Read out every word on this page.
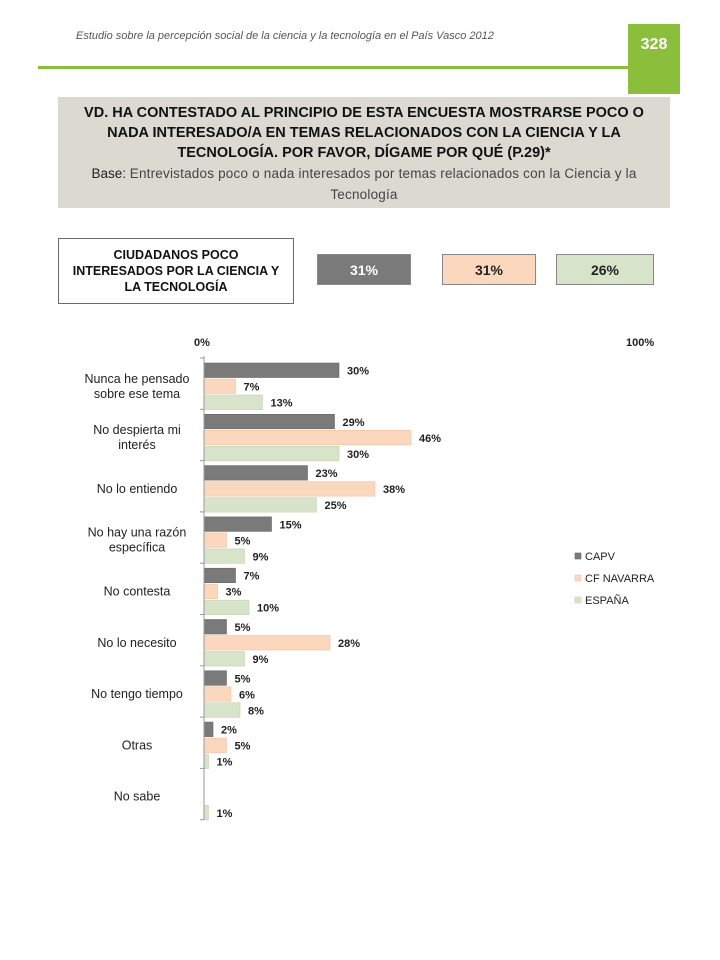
Estudio sobre la percepción social de la ciencia y la tecnología en el País Vasco 2012	328
VD. HA CONTESTADO AL PRINCIPIO DE ESTA ENCUESTA MOSTRARSE POCO O NADA INTERESADO/A EN TEMAS RELACIONADOS CON LA CIENCIA Y LA TECNOLOGÍA. POR FAVOR, DÍGAME POR QUÉ (P.29)*
Base: Entrevistados poco o nada interesados por temas relacionados con la Ciencia y la Tecnología
CIUDADANOS POCO INTERESADOS POR LA CIENCIA Y LA TECNOLOGÍA
31%	31%	26%
0%	100%
Nunca he pensado sobre ese tema
30%
7%
13%
No despierta mi interés
29%
46%
30%
No lo entiendo
23%
38%
25%
No hay una razón específica
15%
5%
9%
No contesta
7%
3%
10%
No lo necesito
5%
28%
9%
No tengo tiempo
5%
6%
8%
Otras
2%
5%
1%
No sabe
1%
CAPV
CF NAVARRA
ESPAÑA
